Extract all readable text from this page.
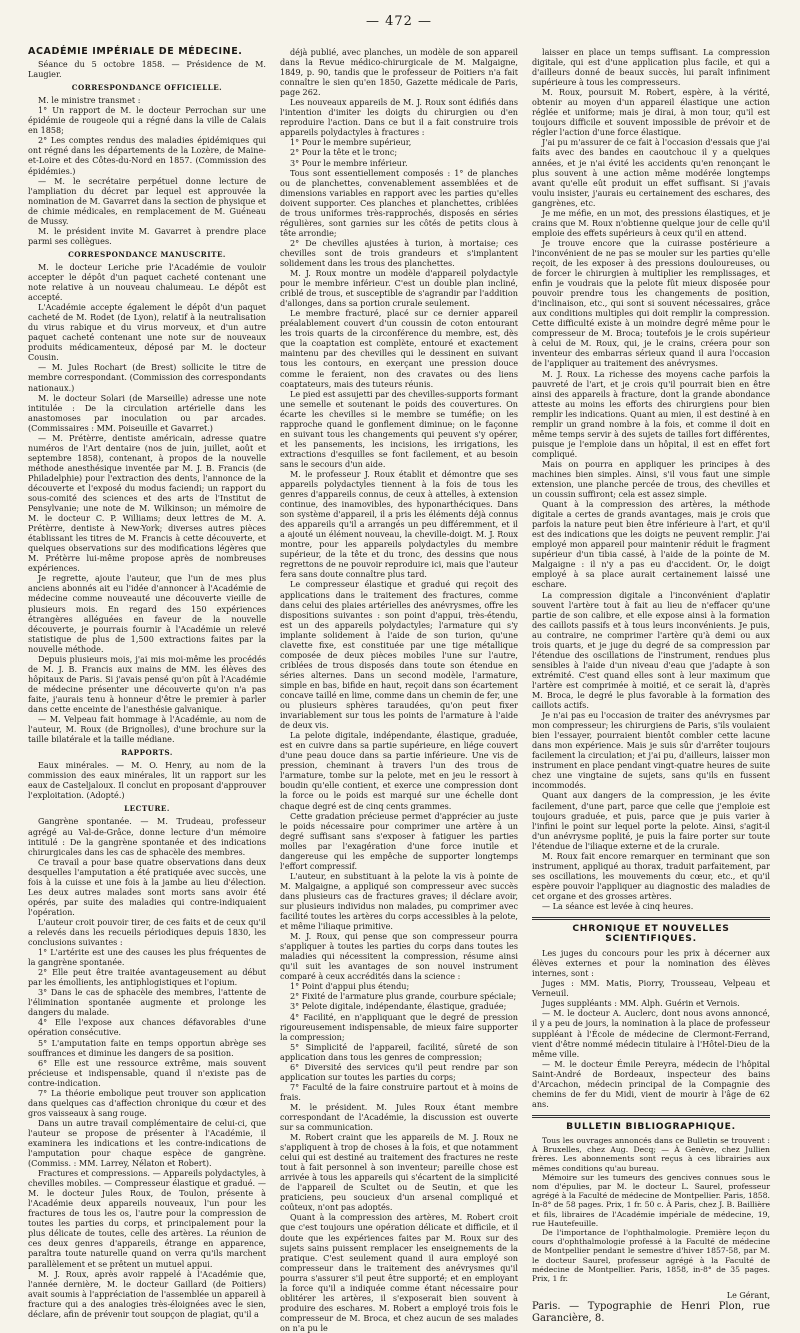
— 472 —
ACADÉMIE IMPÉRIALE DE MÉDECINE.

Séance du 5 octobre 1858. — Présidence de M. Laugier.

CORRESPONDANCE OFFICIELLE.

M. le ministre transmet :

1° Un rapport de M. le docteur Perrochan sur une épidémie de rougeole qui a régné dans la ville de Calais en 1858;

2° Les comptes rendus des maladies épidémiques qui ont régné dans les départements de la Lozère, de Maine-et-Loire et des Côtes-du-Nord en 1857. (Commission des épidémies.)

— M. le secrétaire perpétuel donne lecture de l'ampliation du décret par lequel est approuvée la nomination de M. Gavarret dans la section de physique et de chimie médicales, en remplacement de M. Guéneau de Mussy.

M. le président invite M. Gavarret à prendre place parmi ses collègues.

CORRESPONDANCE MANUSCRITE.

M. le docteur Leriche prie l'Académie de vouloir accepter le dépôt d'un paquet cacheté contenant une note relative à un nouveau chalumeau. Le dépôt est accepté.

L'Académie accepte également le dépôt d'un paquet cacheté de M. Rodet (de Lyon), relatif à la neutralisation du virus rabique et du virus morveux, et d'un autre paquet cacheté contenant une note sur de nouveaux produits médicamenteux, déposé par M. le docteur Cousin.

— M. Jules Rochart (de Brest) sollicite le titre de membre correspondant. (Commission des correspondants nationaux.)

M. le docteur Solari (de Marseille) adresse une note intitulée : De la circulation artérielle dans les anastomoses par inoculation ou par arcades. (Commissaires : MM. Poiseuille et Gavarret.)

— M. Prétèrre, dentiste américain, adresse quatre numéros de l'Art dentaire (nos de juin, juillet, août et septembre 1858), contenant, à propos de la nouvelle méthode anesthésique inventée par M. J. B. Francis (de Philadelphie) pour l'extraction des dents, l'annonce de la découverte et l'exposé du modus faciendi; un rapport du sous-comité des sciences et des arts de l'Institut de Pensylvanie; une note de M. Wilkinson; un mémoire de M. le docteur C. P. Williams; deux lettres de M. A. Prétèrre, dentiste à New-York; diverses autres pièces établissant les titres de M. Francis à cette découverte, et quelques observations sur des modifications légères que M. Prétèrre lui-même propose après de nombreuses expériences.

Je regrette, ajoute l'auteur, que l'un de mes plus anciens abonnés ait eu l'idée d'annoncer à l'Académie de médecine comme nouveauté une découverte vieille de plusieurs mois. En regard des 150 expériences étrangères alléguées en faveur de la nouvelle découverte, je pourrais fournir à l'Académie un relevé statistique de plus de 1,500 extractions faites par la nouvelle méthode.

Depuis plusieurs mois, j'ai mis moi-même les procédés de M. J. B. Francis aux mains de MM. les élèves des hôpitaux de Paris. Si j'avais pensé qu'on pût à l'Académie de médecine présenter une découverte qu'on n'a pas faite, j'aurais tenu à honneur d'être le premier à parler dans cette enceinte de l'anesthésie galvanique.

— M. Velpeau fait hommage à l'Académie, au nom de l'auteur, M. Roux (de Brignolles), d'une brochure sur la taille bilatérale et la taille médiane.

RAPPORTS.

Eaux minérales. — M. O. Henry, au nom de la commission des eaux minérales, lit un rapport sur les eaux de Casteljaloux. Il conclut en proposant d'approuver l'exploitation. (Adopté.)

LECTURE.

Gangrène spontanée. — M. Trudeau, professeur agrégé au Val-de-Grâce, donne lecture d'un mémoire intitulé : De la gangrène spontanée et des indications chirurgicales dans les cas de sphacèle des membres.

Ce travail a pour base quatre observations dans deux desquelles l'amputation a été pratiquée avec succès, une fois à la cuisse et une fois à la jambe au lieu d'élection. Les deux autres malades sont morts sans avoir été opérés, par suite des maladies qui contre-indiquaient l'opération.

L'auteur croit pouvoir tirer, de ces faits et de ceux qu'il a relevés dans les recueils périodiques depuis 1830, les conclusions suivantes :

1° L'artérite est une des causes les plus fréquentes de la gangrène spontanée.

2° Elle peut être traitée avantageusement au début par les émollients, les antiphlogistiques et l'opium.

3° Dans le cas de sphacèle des membres, l'attente de l'élimination spontanée augmente et prolonge les dangers du malade.

4° Elle l'expose aux chances défavorables d'une opération consécutive.

5° L'amputation faite en temps opportun abrège ses souffrances et diminue les dangers de sa position.

6° Elle est une ressource extrême, mais souvent précieuse et indispensable, quand il n'existe pas de contre-indication.

7° La théorie embolique peut trouver son application dans quelques cas d'affection chronique du cœur et des gros vaisseaux à sang rouge.

Dans un autre travail complémentaire de celui-ci, que l'auteur se propose de présenter à l'Académie, il examinera les indications et les contre-indications de l'amputation pour chaque espèce de gangrène. (Commiss. : MM. Larrey, Nélaton et Robert).

Fractures et compressions. — Appareils polydactyles, à chevilles mobiles. — Compresseur élastique et gradué. — M. le docteur Jules Roux, de Toulon, présente à l'Académie deux appareils nouveaux, l'un pour les fractures de tous les os, l'autre pour la compression de toutes les parties du corps, et principalement pour la plus délicate de toutes, celle des artères. La réunion de ces deux genres d'appareils, étrange en apparence, paraîtra toute naturelle quand on verra qu'ils marchent parallèlement et se prêtent un mutuel appui.

M. J. Roux, après avoir rappelé à l'Académie que, l'année dernière, M. le docteur Gaillard (de Poitiers) avait soumis à l'appréciation de l'assemblée un appareil à fracture qui a des analogies très-éloignées avec le sien, déclare, afin de prévenir tout soupçon de plagiat, qu'il a

déjà publié, avec planches, un modèle de son appareil dans la Revue médico-chirurgicale de M. Malgaigne, 1849, p. 90, tandis que le professeur de Poitiers n'a fait connaître le sien qu'en 1850, Gazette médicale de Paris, page 262.

Les nouveaux appareils de M. J. Roux sont édifiés dans l'intention d'imiter les doigts du chirurgien ou d'en reproduire l'action. Dans ce but il a fait construire trois appareils polydactyles à fractures :

1° Pour le membre supérieur,

2° Pour la tête et le tronc;

3° Pour le membre inférieur.

Tous sont essentiellement composés : 1° de planches ou de planchettes, convenablement assemblées et de dimensions variables en rapport avec les parties qu'elles doivent supporter. Ces planches et planchettes, criblées de trous uniformes très-rapprochés, disposés en séries régulières, sont garnies sur les côtés de petits clous à tête arrondie;

2° De chevilles ajustées à turion, à mortaise; ces chevilles sont de trois grandeurs et s'implantent solidement dans les trous des planchettes.

M. J. Roux montre un modèle d'appareil polydactyle pour le membre inférieur. C'est un double plan incliné, criblé de trous, et susceptible de s'agrandir par l'addition d'allonges, dans sa portion crurale seulement.

Le membre fracturé, placé sur ce dernier appareil préalablement couvert d'un coussin de coton entourant les trois quarts de la circonférence du membre, est, dès que la coaptation est complète, entouré et exactement maintenu par des chevilles qui le dessinent en suivant tous les contours, en exerçant une pression douce comme le feraient, non des cravates ou des liens coaptateurs, mais des tuteurs réunis.

Le pied est assujetti par des chevilles-supports formant une semelle et soutenant le poids des couvertures. On écarte les chevilles si le membre se tuméfie; on les rapproche quand le gonflement diminue; on le façonne en suivant tous les changements qui peuvent s'y opérer, et les pansements, les incisions, les irrigations, les extractions d'esquilles se font facilement, et au besoin sans le secours d'un aide.

M. le professeur J. Roux établit et démontre que ses appareils polydactyles tiennent à la fois de tous les genres d'appareils connus, de ceux à attelles, à extension continue, des inamovibles, des hyponarthéciques. Dans son système d'appareil, il a pris les éléments déjà connus des appareils qu'il a arrangés un peu différemment, et il a ajouté un élément nouveau, la cheville-doigt. M. J. Roux montre, pour les appareils polydactyles du membre supérieur, de la tête et du tronc, des dessins que nous regrettons de ne pouvoir reproduire ici, mais que l'auteur fera sans doute connaître plus tard.

Le compresseur élastique et gradué qui reçoit des applications dans le traitement des fractures, comme dans celui des plaies artérielles des anévrysmes, offre les dispositions suivantes : son point d'appui, très-étendu, est un des appareils polydactyles; l'armature qui s'y implante solidement à l'aide de son turion, qu'une clavette fixe, est constituée par une tige métallique composée de deux pièces mobiles l'une sur l'autre, criblées de trous disposés dans toute son étendue en séries alternes. Dans un second modèle, l'armature, simple en bas, bifide en haut, reçoit dans son écartement concave taillé en lime, comme dans un chemin de fer, une ou plusieurs sphères taraudées, qu'on peut fixer invariablement sur tous les points de l'armature à l'aide de deux vis.

La pelote digitale, indépendante, élastique, graduée, est en cuivre dans sa partie supérieure, en liége couvert d'une peau douce dans sa partie inférieure. Une vis de pression, cheminant à travers l'un des trous de l'armature, tombe sur la pelote, met en jeu le ressort à boudin qu'elle contient, et exerce une compression dont la force ou le poids est marqué sur une échelle dont chaque degré est de cinq cents grammes.

Cette gradation précieuse permet d'apprécier au juste le poids nécessaire pour comprimer une artère à un degré suffisant sans s'exposer à fatiguer les parties molles par l'exagération d'une force inutile et dangereuse qui les empêche de supporter longtemps l'effort compressif.

L'auteur, en substituant à la pelote la vis à pointe de M. Malgaigne, a appliqué son compresseur avec succès dans plusieurs cas de fractures graves; il déclare avoir, sur plusieurs individus non malades, pu comprimer avec facilité toutes les artères du corps accessibles à la pelote, et même l'iliaque primitive.

M. J. Roux, qui pense que son compresseur pourra s'appliquer à toutes les parties du corps dans toutes les maladies qui nécessitent la compression, résume ainsi qu'il suit les avantages de son nouvel instrument comparé à ceux accrédités dans la science :

1° Point d'appui plus étendu;

2° Fixité de l'armature plus grande, courbure spéciale;

3° Pelote digitale, indépendante, élastique, graduée;

4° Facilité, en n'appliquant que le degré de pression rigoureusement indispensable, de mieux faire supporter la compression;

5° Simplicité de l'appareil, facilité, sûreté de son application dans tous les genres de compression;

6° Diversité des services qu'il peut rendre par son application sur toutes les parties du corps;

7° Faculté de la faire construire partout et à moins de frais.

M. le président. M. Jules Roux étant membre correspondant de l'Académie, la discussion est ouverte sur sa communication.

M. Robert craint que les appareils de M. J. Roux ne s'appliquent à trop de choses à la fois, et que notamment celui qui est destiné au traitement des fractures ne reste tout à fait personnel à son inventeur; pareille chose est arrivée à tous les appareils qui s'écartent de la simplicité de l'appareil de Scultet ou de Seutin, et que les praticiens, peu soucieux d'un arsenal compliqué et coûteux, n'ont pas adoptés.

Quant à la compression des artères, M. Robert croit que c'est toujours une opération délicate et difficile, et il doute que les expériences faites par M. Roux sur des sujets sains puissent remplacer les enseignements de la pratique. C'est seulement quand il aura employé son compresseur dans le traitement des anévrysmes qu'il pourra s'assurer s'il peut être supporté; et en employant la force qu'il a indiquée comme étant nécessaire pour oblitérer les artères, il s'exposerait bien souvent à produire des eschares. M. Robert a employé trois fois le compresseur de M. Broca, et chez aucun de ses malades on n'a pu le

laisser en place un temps suffisant. La compression digitale, qui est d'une application plus facile, et qui a d'ailleurs donné de beaux succès, lui paraît infiniment supérieure à tous les compresseurs.

M. Roux, poursuit M. Robert, espère, à la vérité, obtenir au moyen d'un appareil élastique une action réglée et uniforme; mais je dirai, à mon tour, qu'il est toujours difficile et souvent impossible de prévoir et de régler l'action d'une force élastique.

J'ai pu m'assurer de ce fait à l'occasion d'essais que j'ai faits avec des bandes en caoutchouc il y a quelques années, et je n'ai évité les accidents qu'en renonçant le plus souvent à une action même modérée longtemps avant qu'elle eût produit un effet suffisant. Si j'avais voulu insister, j'aurais eu certainement des eschares, des gangrènes, etc.

Je me méfie, en un mot, des pressions élastiques, et je crains que M. Roux n'obtienne quelque jour de celle qu'il emploie des effets supérieurs à ceux qu'il en attend.

Je trouve encore que la cuirasse postérieure a l'inconvénient de ne pas se mouler sur les parties qu'elle reçoit, de les exposer à des pressions douloureuses, ou de forcer le chirurgien à multiplier les remplissages, et enfin je voudrais que la pelote fût mieux disposée pour pouvoir prendre tous les changements de position, d'inclinaison, etc., qui sont si souvent nécessaires, grâce aux conditions multiples qui doit remplir la compression. Cette difficulté existe à un moindre degré même pour le compresseur de M. Broca; toutefois je le crois supérieur à celui de M. Roux, qui, je le crains, créera pour son inventeur des embarras sérieux quand il aura l'occasion de l'appliquer au traitement des anévrysmes.

M. J. Roux. La richesse des moyens cache parfois la pauvreté de l'art, et je crois qu'il pourrait bien en être ainsi des appareils à fracture, dont la grande abondance atteste au moins les efforts des chirurgiens pour bien remplir les indications. Quant au mien, il est destiné à en remplir un grand nombre à la fois, et comme il doit en même temps servir à des sujets de tailles fort différentes, puisque je l'emploie dans un hôpital, il est en effet fort compliqué.

Mais on pourra en appliquer les principes à des machines bien simples. Ainsi, s'il vous faut une simple extension, une planche percée de trous, des chevilles et un coussin suffiront; cela est assez simple.

Quant à la compression des artères, la méthode digitale a certes de grands avantages, mais je crois que parfois la nature peut bien être inférieure à l'art, et qu'il est des indications que les doigts ne peuvent remplir. J'ai employé mon appareil pour maintenir réduit le fragment supérieur d'un tibia cassé, à l'aide de la pointe de M. Malgaigne : il n'y a pas eu d'accident. Or, le doigt employé à sa place aurait certainement laissé une eschare.

La compression digitale a l'inconvénient d'aplatir souvent l'artère tout à fait au lieu de n'effacer qu'une partie de son calibre, et elle expose ainsi à la formation des caillots passifs et à tous leurs inconvénients. Je puis, au contraire, ne comprimer l'artère qu'à demi ou aux trois quarts, et je juge du degré de sa compression par l'étendue des oscillations de l'instrument, rendues plus sensibles à l'aide d'un niveau d'eau que j'adapte à son extrémité. C'est quand elles sont à leur maximum que l'artère est comprimée à moitié, et ce serait là, d'après M. Broca, le degré le plus favorable à la formation des caillots actifs.

Je n'ai pas eu l'occasion de traiter des anévrysmes par mon compresseur; les chirurgiens de Paris, s'ils voulaient bien l'essayer, pourraient bientôt combler cette lacune dans mon expérience. Mais je suis sûr d'arrêter toujours facilement la circulation; et j'ai pu, d'ailleurs, laisser mon instrument en place pendant vingt-quatre heures de suite chez une vingtaine de sujets, sans qu'ils en fussent incommodés.

Quant aux dangers de la compression, je les évite facilement, d'une part, parce que celle que j'emploie est toujours graduée, et puis, parce que je puis varier à l'infini le point sur lequel porte la pelote. Ainsi, s'agit-il d'un anévrysme poplité, je puis la faire porter sur toute l'étendue de l'iliaque externe et de la crurale.

M. Roux fait encore remarquer en terminant que son instrument, appliqué au thorax, traduit parfaitement, par ses oscillations, les mouvements du cœur, etc., et qu'il espère pouvoir l'appliquer au diagnostic des maladies de cet organe et des grosses artères.

— La séance est levée à cinq heures.

CHRONIQUE ET NOUVELLES SCIENTIFIQUES.

Les juges du concours pour les prix à décerner aux élèves externes et pour la nomination des élèves internes, sont :

Juges : MM. Matis, Piorry, Trousseau, Velpeau et Verneuil.

Juges suppléants : MM. Alph. Guérin et Vernois.

— M. le docteur A. Auclerc, dont nous avons annoncé, il y a peu de jours, la nomination à la place de professeur suppléant à l'École de médecine de Clermont-Ferrand, vient d'être nommé médecin titulaire à l'Hôtel-Dieu de la même ville.

— M. le docteur Émile Pereyra, médecin de l'hôpital Saint-André de Bordeaux, inspecteur des bains d'Arcachon, médecin principal de la Compagnie des chemins de fer du Midi, vient de mourir à l'âge de 62 ans.

BULLETIN BIBLIOGRAPHIQUE.

Tous les ouvrages annoncés dans ce Bulletin se trouvent : À Bruxelles, chez Aug. Decq; — À Genève, chez Jullien frères. Les abonnements sont reçus à ces librairies aux mêmes conditions qu'au bureau.

Mémoire sur les tumeurs des gencives connues sous le nom d'épulies, par M. le docteur L. Saurel, professeur agrégé à la Faculté de médecine de Montpellier. Paris, 1858. In-8° de 58 pages. Prix, 1 fr. 50 c. À Paris, chez J. B. Baillière et fils, libraires de l'Académie impériale de médecine, 19, rue Hautefeuille.

De l'importance de l'ophthalmologie. Première leçon du cours d'ophthalmologie professé à la Faculté de médecine de Montpellier pendant le semestre d'hiver 1857-58, par M. le docteur Saurel, professeur agrégé à la Faculté de médecine de Montpellier. Paris, 1858, in-8° de 35 pages. Prix, 1 fr.

Le Gérant,
Paris. — Typographie de Henri Plon, rue Garancière, 8.
